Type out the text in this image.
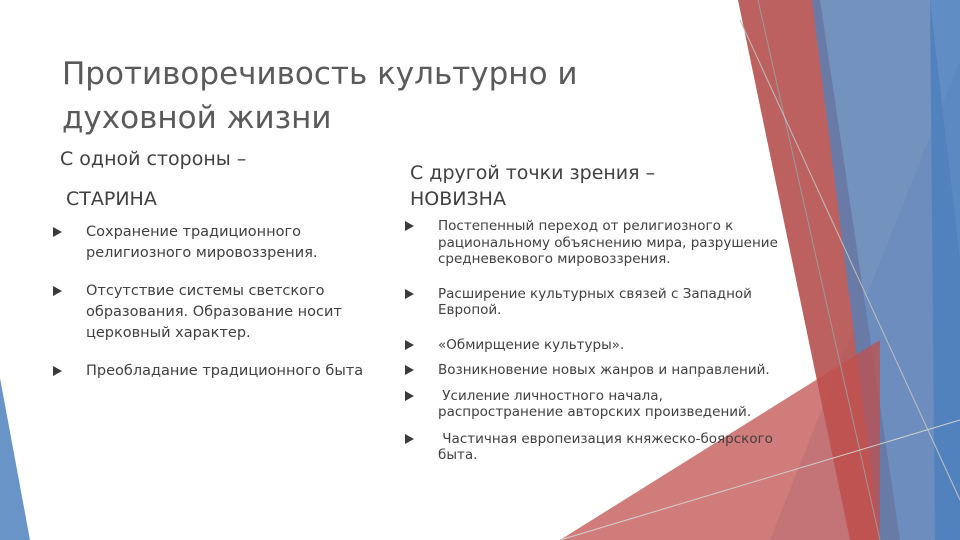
Противоречивость культурно и духовной жизни
С одной стороны –
СТАРИНА
С другой точки зрения – НОВИЗНА
Сохранение традиционного религиозного мировоззрения.
Отсутствие системы светского образования. Образование носит церковный характер.
Преобладание традиционного быта
Постепенный переход от религиозного к рациональному объяснению мира, разрушение средневекового мировоззрения.
Расширение культурных связей с Западной Европой.
«Обмирщение культуры».
Возникновение новых жанров и направлений.
Усиление личностного начала, распространение авторских произведений.
Частичная европеизация княжеско-боярского быта.
